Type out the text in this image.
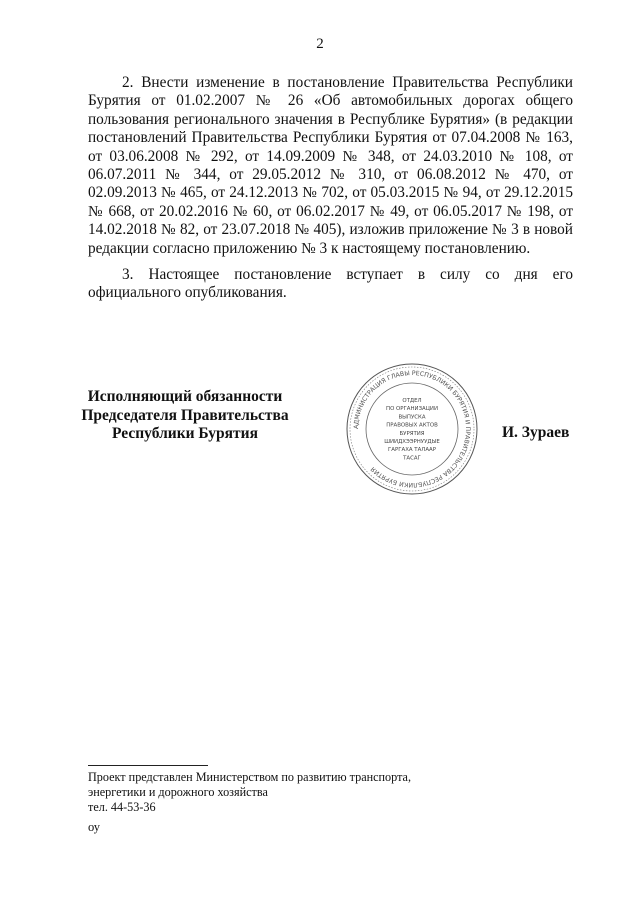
2

2. Внести изменение в постановление Правительства Республики Бурятия от 01.02.2007 № 26 «Об автомобильных дорогах общего пользования регионального значения в Республике Бурятия» (в редакции постановлений Правительства Республики Бурятия от 07.04.2008 № 163, от 03.06.2008 № 292, от 14.09.2009 № 348, от 24.03.2010 № 108, от 06.07.2011 № 344, от 29.05.2012 № 310, от 06.08.2012 № 470, от 02.09.2013 № 465, от 24.12.2013 № 702, от 05.03.2015 № 94, от 29.12.2015 № 668, от 20.02.2016 № 60, от 06.02.2017 № 49, от 06.05.2017 № 198, от 14.02.2018 № 82, от 23.07.2018 № 405), изложив приложение № 3 в новой редакции согласно приложению № 3 к настоящему постановлению.

3. Настоящее постановление вступает в силу со дня его официального опубликования.

Исполняющий обязанности
Председателя Правительства
Республики Бурятия	АДМИНИСТРАЦИЯ ГЛАВЫ РЕСПУБЛИКИ БУРЯТИЯ И ПРАВИТЕЛЬСТВА РЕСПУБЛИКИ БУРЯТИЯ
ОТДЕЛ
ПО ОРГАНИЗАЦИИ
ВЫПУСКА
ПРАВОВЫХ АКТОВ
БУРЯТИЯ
ШИИДХЭЭРНУУДЫЕ
ГАРГАХА ТАЛААР
ТАСАГ
И. Зураев
Проект представлен Министерством по развитию транспорта,
энергетики и дорожного хозяйства
тел. 44-53-36
оу
